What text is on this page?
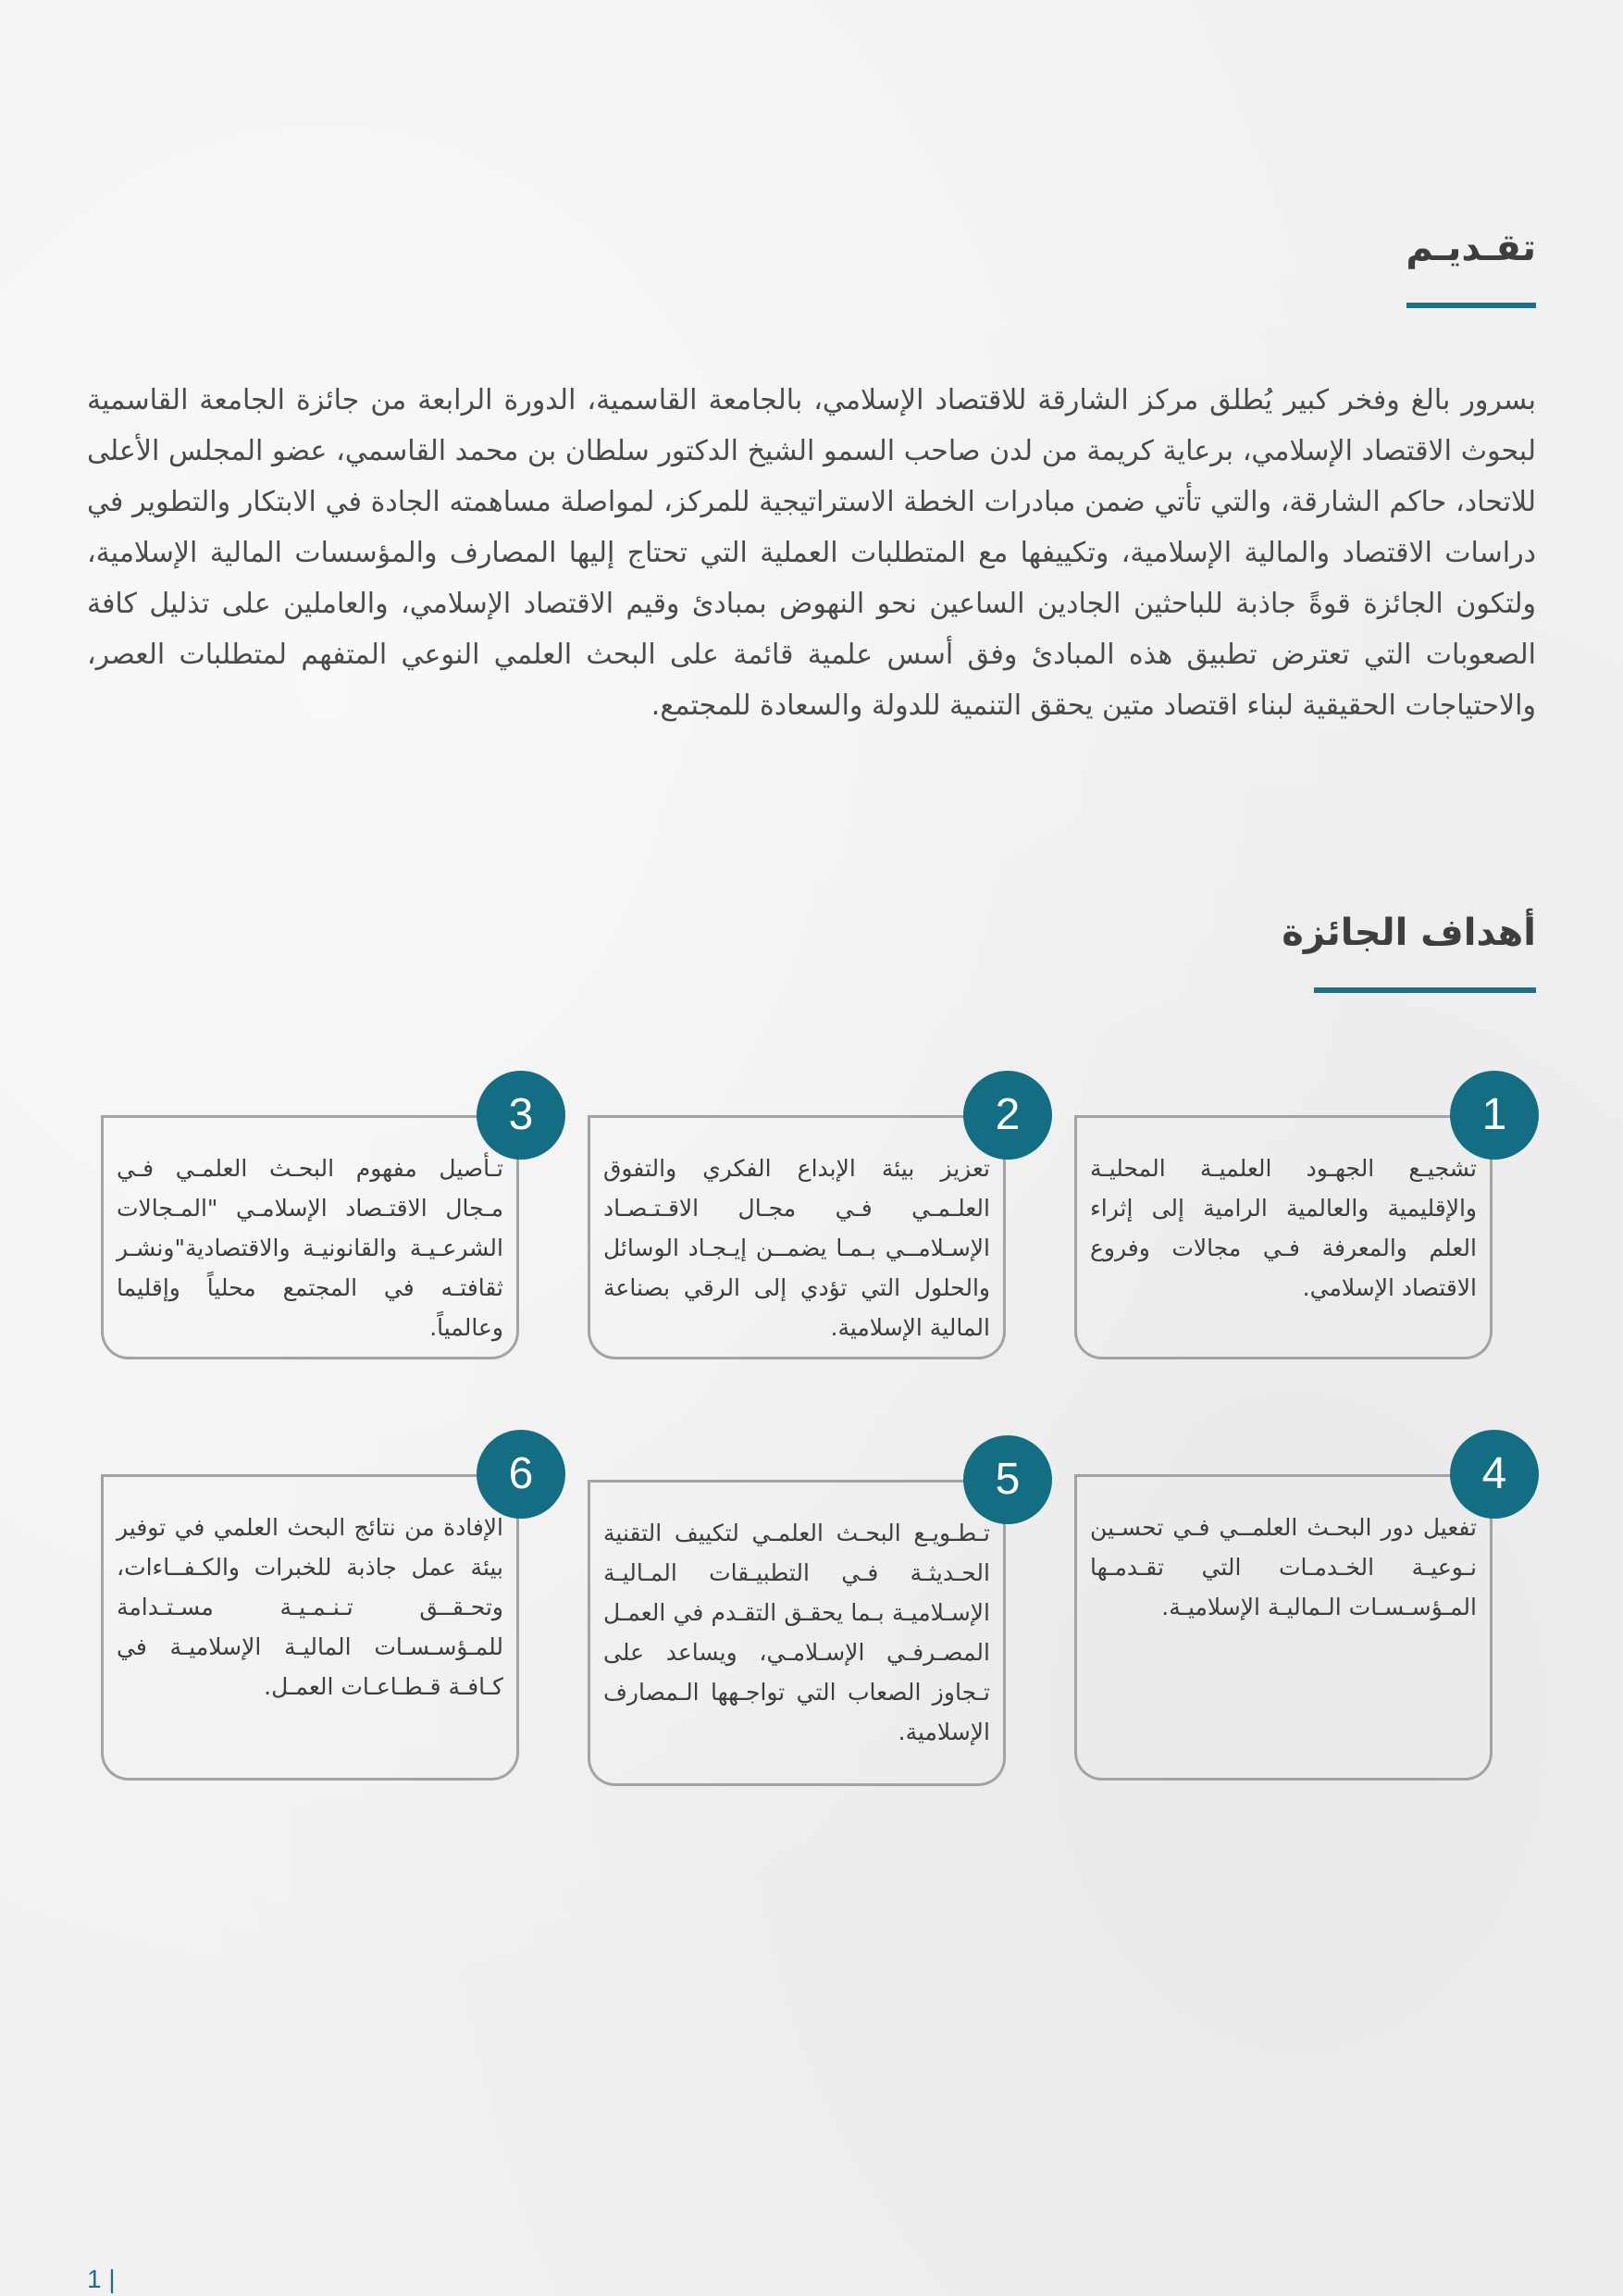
تقـديـم

بسرور بالغ وفخر كبير يُطلق مركز الشارقة للاقتصاد الإسلامي، بالجامعة القاسمية، الدورة الرابعة من جائزة الجامعة القاسمية لبحوث الاقتصاد الإسلامي، برعاية كريمة من لدن صاحب السمو الشيخ الدكتور سلطان بن محمد القاسمي، عضو المجلس الأعلى للاتحاد، حاكم الشارقة، والتي تأتي ضمن مبادرات الخطة الاستراتيجية للمركز، لمواصلة مساهمته الجادة في الابتكار والتطوير في دراسات الاقتصاد والمالية الإسلامية، وتكييفها مع المتطلبات العملية التي تحتاج إليها المصارف والمؤسسات المالية الإسلامية، ولتكون الجائزة قوةً جاذبة للباحثين الجادين الساعين نحو النهوض بمبادئ وقيم الاقتصاد الإسلامي، والعاملين على تذليل كافة الصعوبات التي تعترض تطبيق هذه المبادئ وفق أسس علمية قائمة على البحث العلمي النوعي المتفهم لمتطلبات العصر، والاحتياجات الحقيقية لبناء اقتصاد متين يحقق التنمية للدولة والسعادة للمجتمع.

أهداف الجائزة
1
تشجيـع الجهـود العلميـة المحليـة والإقليمية والعالمية الرامية إلى إثراء العلم والمعرفة فـي مجالات وفروع الاقتصاد الإسلامي.
2
تعزيز بيئة الإبداع الفكري والتفوق العلـمـي فـي مجـال الاقـتـصـاد الإسـلامــي بـمـا يضمــن إيـجـاد الوسائل والحلول التي تؤدي إلى الرقي بصناعة المالية الإسلامية.
3
تـأصيل مفهوم البحـث العلمـي فـي مـجال الاقتـصاد الإسلامـي "المـجالات الشرعـيـة والقانونيـة والاقتصادية"ونشـر ثقافتـه في المجتمع محلياً وإقليما وعالمياً.
4
تفعيل دور البحـث العلمــي فـي تحسـين نـوعيـة الخـدمـات التي تقـدمـها المـؤسـسـات الـماليـة الإسلاميـة.
5
تـطـويـع البحـث العلمـي لتكييف التقنية الحـديثـة فـي التطبيـقات المـاليـة الإسـلاميـة بـما يحقـق التقـدم في العمـل المصـرفـي الإسـلامـي، ويساعد على تـجاوز الصعاب التي تواجـهها الـمصارف الإسلامية.
6
الإفادة من نتائج البحث العلمي في توفير بيئة عمل جاذبة للخبرات والكـفــاءات، وتحـقــق تـنـمـيـة مسـتـدامة للمـؤسـسـات الماليـة الإسلاميـة في كـافـة قـطـاعـات العمـل.
1 |
